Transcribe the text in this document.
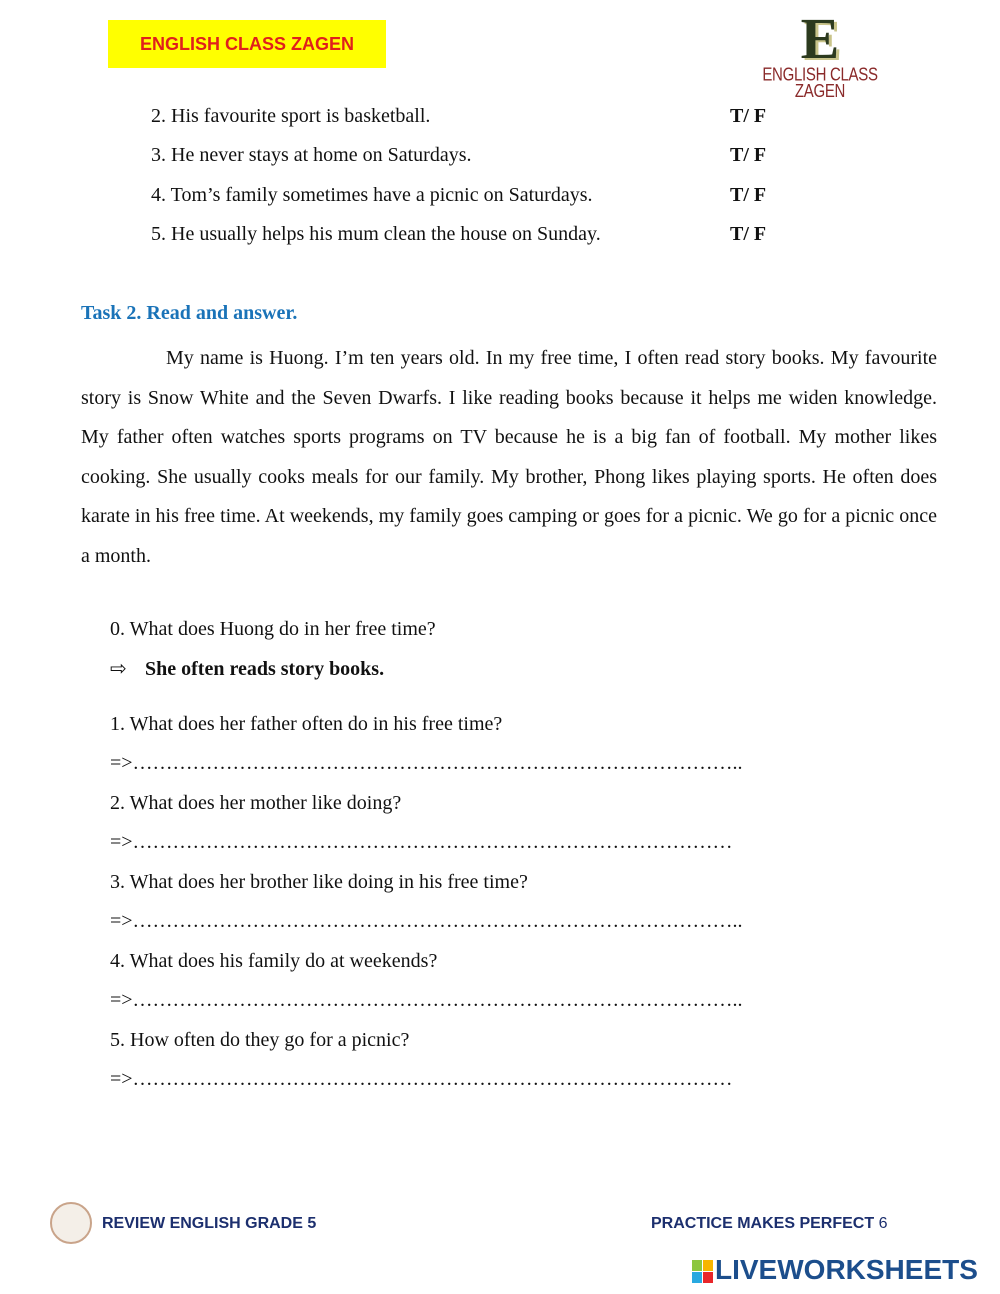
ENGLISH CLASS ZAGEN	E
ENGLISH CLASS ZAGEN
2. His favourite sport is basketball.	T/ F
3. He never stays at home on Saturdays.	T/ F
4. Tom’s family sometimes have a picnic on Saturdays.	T/ F
5. He usually helps his mum clean the house on Sunday.	T/ F
Task 2. Read and answer.
My name is Huong. I’m ten years old. In my free time, I often read story books. My favourite story is Snow White and the Seven Dwarfs. I like reading books because it helps me widen knowledge. My father often watches sports programs on TV because he is a big fan of football. My mother likes cooking. She usually cooks meals for our family. My brother, Phong likes playing sports. He often does karate in his free time. At weekends, my family goes camping or goes for a picnic. We go for a picnic once a month.
0. What does Huong do in her free time?
⇨ She often reads story books.
1. What does her father often do in his free time?
=>………………………………………………………………………………..
2. What does her mother like doing?
=>………………………………………………………………………………
3. What does her brother like doing in his free time?
=>………………………………………………………………………………..
4. What does his family do at weekends?
=>………………………………………………………………………………..
5. How often do they go for a picnic?
=>………………………………………………………………………………
REVIEW ENGLISH GRADE 5	PRACTICE MAKES PERFECT 6
LIVEWORKSHEETS
